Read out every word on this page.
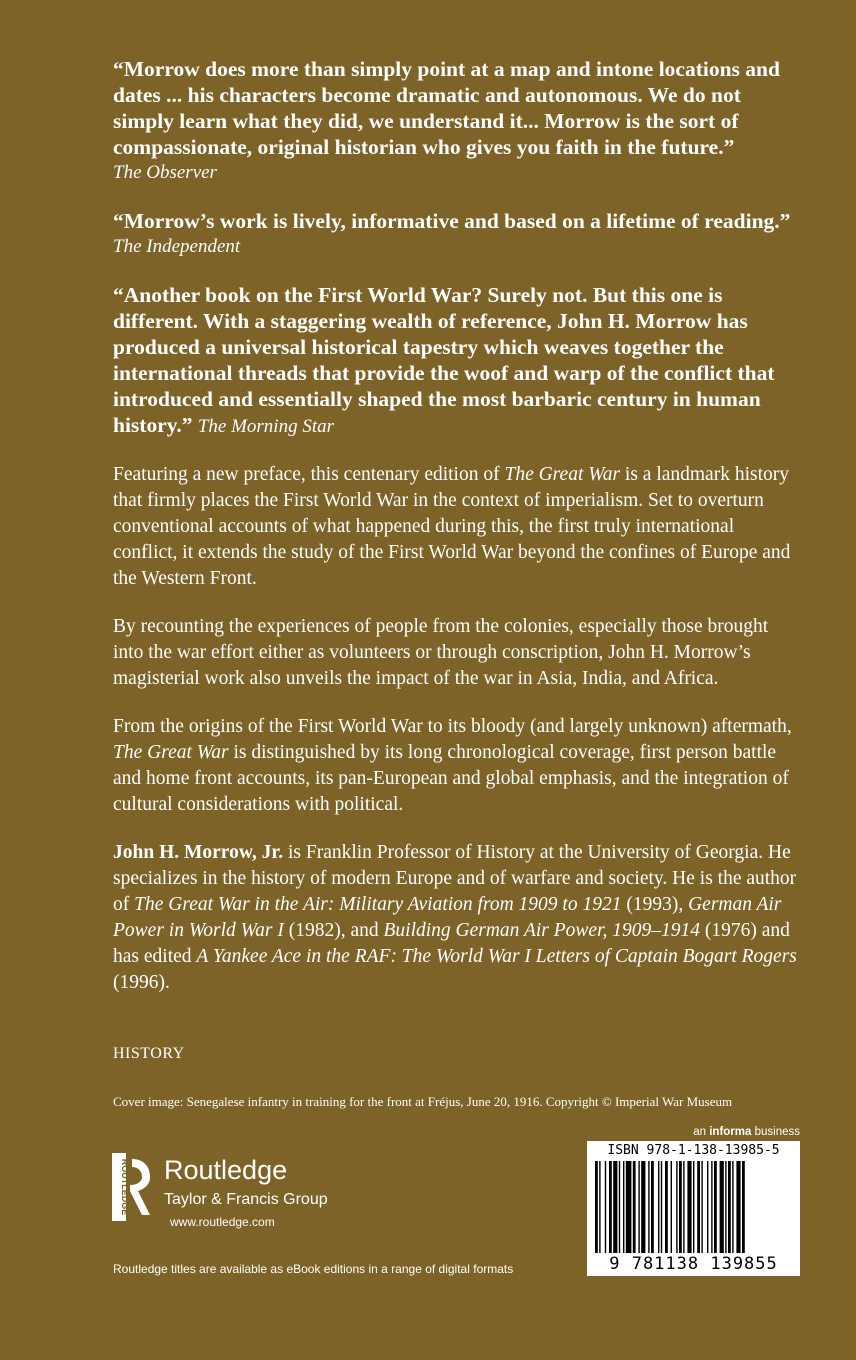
“Morrow does more than simply point at a map and intone locations and dates ... his characters become dramatic and autonomous. We do not simply learn what they did, we understand it... Morrow is the sort of compassionate, original historian who gives you faith in the future.”

The Observer

“Morrow’s work is lively, informative and based on a lifetime of reading.”

The Independent

“Another book on the First World War? Surely not. But this one is different. With a staggering wealth of reference, John H. Morrow has produced a universal historical tapestry which weaves together the international threads that provide the woof and warp of the conflict that introduced and essentially shaped the most barbaric century in human history.” The Morning Star

Featuring a new preface, this centenary edition of The Great War is a landmark history that firmly places the First World War in the context of imperialism. Set to overturn conventional accounts of what happened during this, the first truly international conflict, it extends the study of the First World War beyond the confines of Europe and the Western Front.

By recounting the experiences of people from the colonies, especially those brought into the war effort either as volunteers or through conscription, John H. Morrow’s magisterial work also unveils the impact of the war in Asia, India, and Africa.

From the origins of the First World War to its bloody (and largely unknown) aftermath, The Great War is distinguished by its long chronological coverage, first person battle and home front accounts, its pan-European and global emphasis, and the integration of cultural considerations with political.

John H. Morrow, Jr. is Franklin Professor of History at the University of Georgia. He specializes in the history of modern Europe and of warfare and society. He is the author of The Great War in the Air: Military Aviation from 1909 to 1921 (1993), German Air Power in World War I (1982), and Building German Air Power, 1909–1914 (1976) and has edited A Yankee Ace in the RAF: The World War I Letters of Captain Bogart Rogers (1996).

HISTORY
Cover image: Senegalese infantry in training for the front at Fréjus, June 20, 1916. Copyright © Imperial War Museum
ROUTLEDGE Routledge
Taylor & Francis Group
www.routledge.com
Routledge titles are available as eBook editions in a range of digital formats
an informa business
ISBN 978-1-138-13985-5
9 781138 139855
